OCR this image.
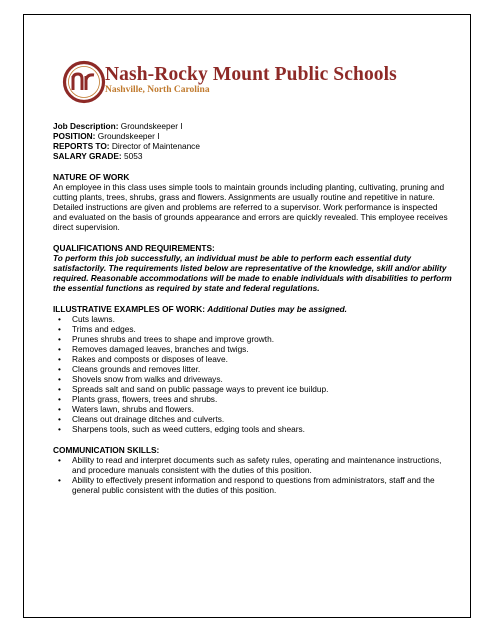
Nash-Rocky Mount Public Schools
Nashville, North Carolina

Job Description: Groundskeeper I

POSITION: Groundskeeper I

REPORTS TO: Director of Maintenance

SALARY GRADE: 5053

NATURE OF WORK

An employee in this class uses simple tools to maintain grounds including planting, cultivating, pruning and cutting plants, trees, shrubs, grass and flowers. Assignments are usually routine and repetitive in nature. Detailed instructions are given and problems are referred to a supervisor. Work performance is inspected and evaluated on the basis of grounds appearance and errors are quickly revealed. This employee receives direct supervision.

QUALIFICATIONS AND REQUIREMENTS:

To perform this job successfully, an individual must be able to perform each essential duty satisfactorily. The requirements listed below are representative of the knowledge, skill and/or ability required. Reasonable accommodations will be made to enable individuals with disabilities to perform the essential functions as required by state and federal regulations.

ILLUSTRATIVE EXAMPLES OF WORK: Additional Duties may be assigned.

• Cuts lawns.
• Trims and edges.
• Prunes shrubs and trees to shape and improve growth.
• Removes damaged leaves, branches and twigs.
• Rakes and composts or disposes of leave.
• Cleans grounds and removes litter.
• Shovels snow from walks and driveways.
• Spreads salt and sand on public passage ways to prevent ice buildup.
• Plants grass, flowers, trees and shrubs.
• Waters lawn, shrubs and flowers.
• Cleans out drainage ditches and culverts.
• Sharpens tools, such as weed cutters, edging tools and shears.

COMMUNICATION SKILLS:

• Ability to read and interpret documents such as safety rules, operating and maintenance instructions, and procedure manuals consistent with the duties of this position.
• Ability to effectively present information and respond to questions from administrators, staff and the general public consistent with the duties of this position.
